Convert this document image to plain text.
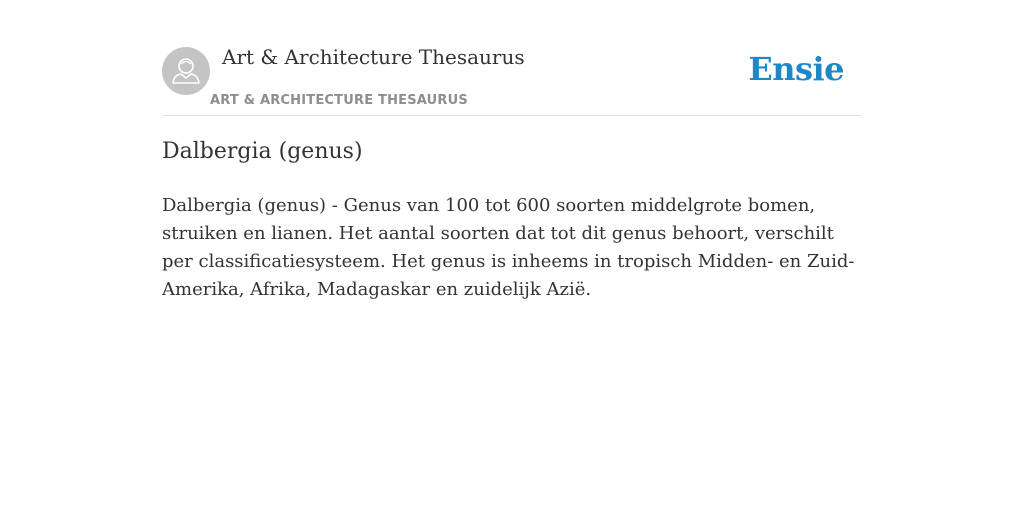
Art & Architecture Thesaurus
ART & ARCHITECTURE THESAURUS
Ensie
Dalbergia (genus)

Dalbergia (genus) - Genus van 100 tot 600 soorten middelgrote bomen, struiken en lianen. Het aantal soorten dat tot dit genus behoort, verschilt per classificatiesysteem. Het genus is inheems in tropisch Midden- en Zuid-Amerika, Afrika, Madagaskar en zuidelijk Azië.
